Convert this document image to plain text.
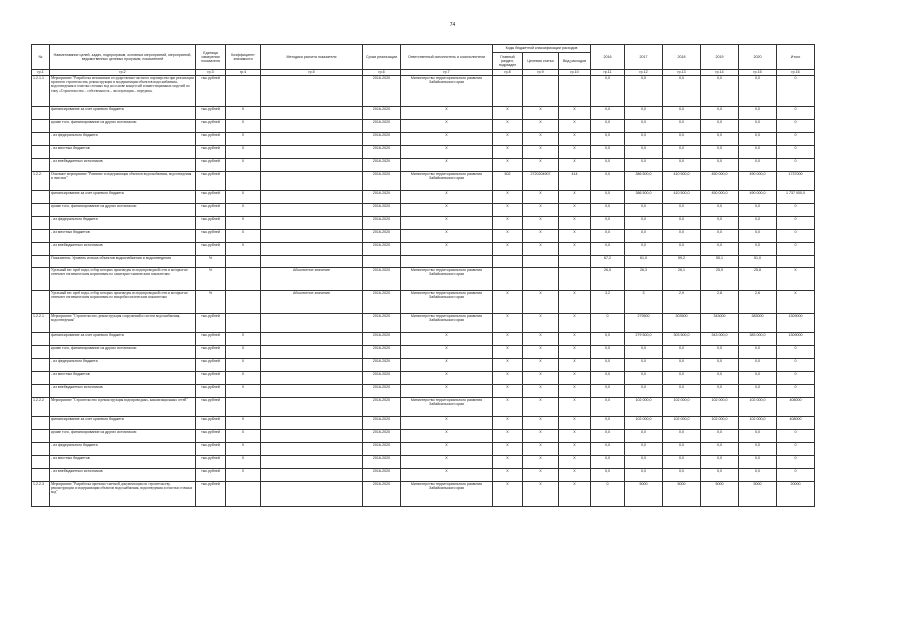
74
№	Наименование целей, задач, подпрограмм, основных мероприятий, мероприятий, ведомственных целевых программ, показателей	Единица измерения показателя	Коэффициент значимости	Методика расчета показателя	Сроки реализации	Ответственный исполнитель и соисполнители	Коды бюджетной классификации расходов			2016	2017	2018	2019	2020	Итого
							Главный раздел, подраздел	Целевая статья	Вид расходов						
гр.1	гр.2	гр.3	гр.4	гр.5	гр.6	гр.7	гр.8	гр.9	гр.10	гр.11	гр.12	гр.13	гр.14	гр.15	гр.16
1.2.1.1	Мероприятие "Разработка механизмов государственно-частного партнерства при реализации проектов строительства, реконструкции и модернизации объектов водоснабжения, водоотведения и очистки сточных вод на основе концессий и инвестиционных моделей по типу «Строительство – собственность – эксплуатация – передача»	тыс.рублей			2016-2020	Министерство территориального развития Забайкальского края				0,0	0,0	0,0	0,0	0,0	0
	финансирование за счет краевого бюджета	тыс.рублей	Х		2016-2020	Х	Х	Х	Х	0,0	0,0	0,0	0,0	0,0	0
	кроме того, финансирование из других источников:	тыс.рублей	Х		2016-2020	Х	Х	Х	Х	0,0	0,0	0,0	0,0	0,0	0
	- из федерального бюджета	тыс.рублей	Х		2016-2020	Х	Х	Х	Х	0,0	0,0	0,0	0,0	0,0	0
	- из местных бюджетов	тыс.рублей	Х		2016-2020	Х	Х	Х	Х	0,0	0,0	0,0	0,0	0,0	0
	- из внебюджетных источников	тыс.рублей	Х		2016-2020	Х	Х	Х	Х	0,0	0,0	0,0	0,0	0,0	0
1.2.2.	Основное мероприятие "Развитие и модернизация объектов водоснабжения, водоотведения и очистки"	тыс.рублей			2016-2020	Министерство территориального развития Забайкальского края	502	2720204907	414	0,0	386 500,0	410 500,0	450 000,0	490 000,0	1737000
	финансирование за счет краевого бюджета	тыс.рублей	Х		2016-2020	Х	Х	Х	Х	0,0	386 500,0	410 500,0	450 000,0	490 000,0	1 737 000,0
	кроме того, финансирование из других источников:	тыс.рублей	Х		2016-2020	Х	Х	Х	Х	0,0	0,0	0,0	0,0	0,0	0
	- из федерального бюджета	тыс.рублей	Х		2016-2020	Х	Х	Х	Х	0,0	0,0	0,0	0,0	0,0	0
	- из местных бюджетов	тыс.рублей	Х		2016-2020	Х	Х	Х	Х	0,0	0,0	0,0	0,0	0,0	0
	- из внебюджетных источников	тыс.рублей	Х		2016-2020	Х	Х	Х	Х	0,0	0,0	0,0	0,0	0,0	0
	Показатель: Уровень износа объектов водоснабжения и водоотведения	%								67,2	61,0	59,2	55,1	51,0	
	Удельный вес проб воды, отбор которых произведен из водопроводной сети и которые не отвечают гигиеническим нормативам по санитарно-химическим показателям	%		Абсолютное значение	2016-2020	Министерство территориального развития Забайкальского края				26,5	26,3	26,1	25,9	25,8	Х
	Удельный вес проб воды, отбор которых произведен из водопроводной сети и которые не отвечают гигиеническим нормативам по микробиологическим показателям	%		Абсолютное значение	2016-2020	Министерство территориального развития Забайкальского края	Х	Х	Х	3,2	3	2,9	2,8	2,6	Х
1.2.2.1	Мероприятие "Строительство, реконструкция сооружений и систем водоснабжения, водоотведения"	тыс.рублей			2016-2020	Министерство территориального развития Забайкальского края	Х	Х	Х	0	279500	303500	343000	383000	1309000
	финансирование за счет краевого бюджета	тыс.рублей	Х		2016-2020	Х	Х	Х	Х	0,0	279 500,0	303 500,0	343 000,0	383 000,0	1309000
	кроме того, финансирование из других источников:	тыс.рублей	Х		2016-2020	Х	Х	Х	Х	0,0	0,0	0,0	0,0	0,0	0
	- из федерального бюджета	тыс.рублей	Х		2016-2020	Х	Х	Х	Х	0,0	0,0	0,0	0,0	0,0	0
	- из местных бюджетов	тыс.рублей	Х		2016-2020	Х	Х	Х	Х	0,0	0,0	0,0	0,0	0,0	0
	- из внебюджетных источников	тыс.рублей	Х		2016-2020	Х	Х	Х	Х	0,0	0,0	0,0	0,0	0,0	0
1.2.2.2	Мероприятие "Строительство и реконструкция водопроводных, канализационных сетей"	тыс.рублей			2016-2020	Министерство территориального развития Забайкальского края	Х	Х	Х	0,0	102 000,0	102 000,0	102 000,0	102 000,0	408000
	финансирование за счет краевого бюджета	тыс.рублей	Х		2016-2020	Х	Х	Х	Х	0,0	102 000,0	102 000,0	102 000,0	102 000,0	408000
	кроме того, финансирование из других источников:	тыс.рублей	Х		2016-2020	Х	Х	Х	Х	0,0	0,0	0,0	0,0	0,0	0
	- из федерального бюджета	тыс.рублей	Х		2016-2020	Х	Х	Х	Х	0,0	0,0	0,0	0,0	0,0	0
	- из местных бюджетов	тыс.рублей	Х		2016-2020	Х	Х	Х	Х	0,0	0,0	0,0	0,0	0,0	0
	- из внебюджетных источников	тыс.рублей	Х		2016-2020	Х	Х	Х	Х	0,0	0,0	0,0	0,0	0,0	0
1.2.2.3	Мероприятие "Разработка проектно-сметной документации по строительству, реконструкции и модернизации объектов водоснабжения, водоотведения и очистки сточных вод"	тыс.рублей			2016-2020	Министерство территориального развития Забайкальского края	Х	Х	Х	0	5000	5000	5000	5000	20000
